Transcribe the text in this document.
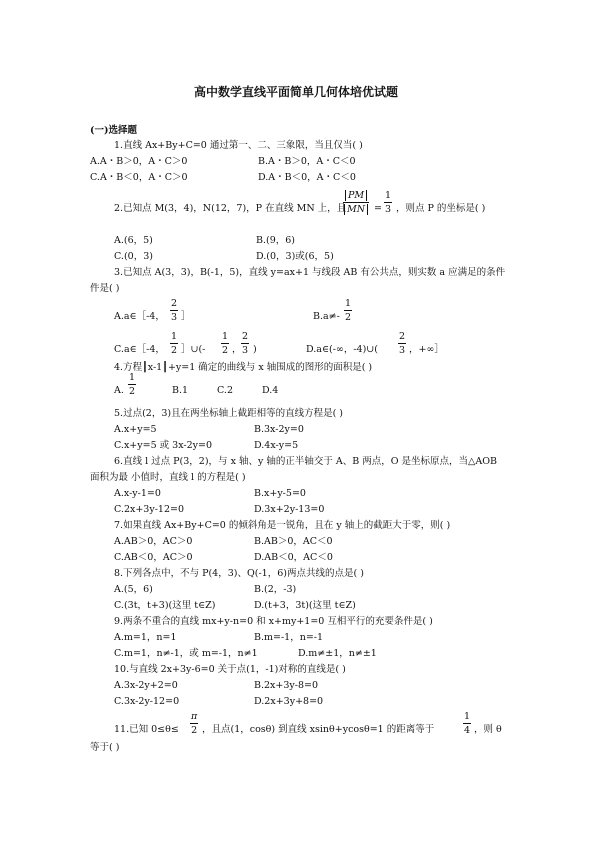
高中数学直线平面简单几何体培优试题
(一)选择题
1.直线 Ax+By+C=0 通过第一、二、三象限，当且仅当( )
A.A・B＞0，A・C＞0	B.A・B＞0，A・C＜0
C.A・B＜0，A・C＞0	D.A・B＜0，A・C＜0
2.已知点 M(3，4)，N(12，7)，P 在直线 MN 上，且
PM
MN =
1
3 ，则点 P 的坐标是( )
A.(6，5)	B.(9，6)
C.(0，3)	D.(0，3)或(6，5)
3.已知点 A(3，3)，B(-1，5)，直线 y=ax+1 与线段 AB 有公共点，则实数 a 应满足的条件
件是( )
A.a∈［-4，
2
3 ］	B.a≠-
1
2
C.a∈［-4，
1
2 ］∪(-
1
2 ，
2
3 )	D.a∈(-∞，-4)∪(
2
3 ，+∞］
4.方程┃x-1┃+y=1 确定的曲线与 x 轴围成的图形的面积是( )
A.
1
2	B.1	C.2	D.4
5.过点(2，3)且在两坐标轴上截距相等的直线方程是( )
A.x+y=5	B.3x-2y=0
C.x+y=5 或 3x-2y=0	D.4x-y=5
6.直线 l 过点 P(3，2)，与 x 轴、y 轴的正半轴交于 A、B 两点，O 是坐标原点，当△AOB
面积为最 小值时，直线 l 的方程是( )
A.x-y-1=0	B.x+y-5=0
C.2x+3y-12=0	D.3x+2y-13=0
7.如果直线 Ax+By+C=0 的倾斜角是一锐角，且在 y 轴上的截距大于零，则( )
A.AB＞0，AC＞0	B.AB＞0，AC＜0
C.AB＜0，AC＞0	D.AB＜0，AC＜0
8.下列各点中，不与 P(4，3)、Q(-1，6)两点共线的点是( )
A.(5，6)	B.(2，-3)
C.(3t，t+3)(这里 t∈Z)	D.(t+3，3t)(这里 t∈Z)
9.两条不重合的直线 mx+y-n=0 和 x+my+1=0 互相平行的充要条件是( )
A.m=1，n=1	B.m=-1，n=-1
C.m=1，n≠-1，或 m=-1，n≠1	D.m≠±1，n≠±1
10.与直线 2x+3y-6=0 关于点(1，-1)对称的直线是( )
A.3x-2y+2=0	B.2x+3y-8=0
C.3x-2y-12=0	D.2x+3y+8=0
11.已知 0≤θ≤
π
2 ，且点(1，cosθ) 到直线 xsinθ+ycosθ=1 的距离等于
1
4 ，则 θ
等于( )
